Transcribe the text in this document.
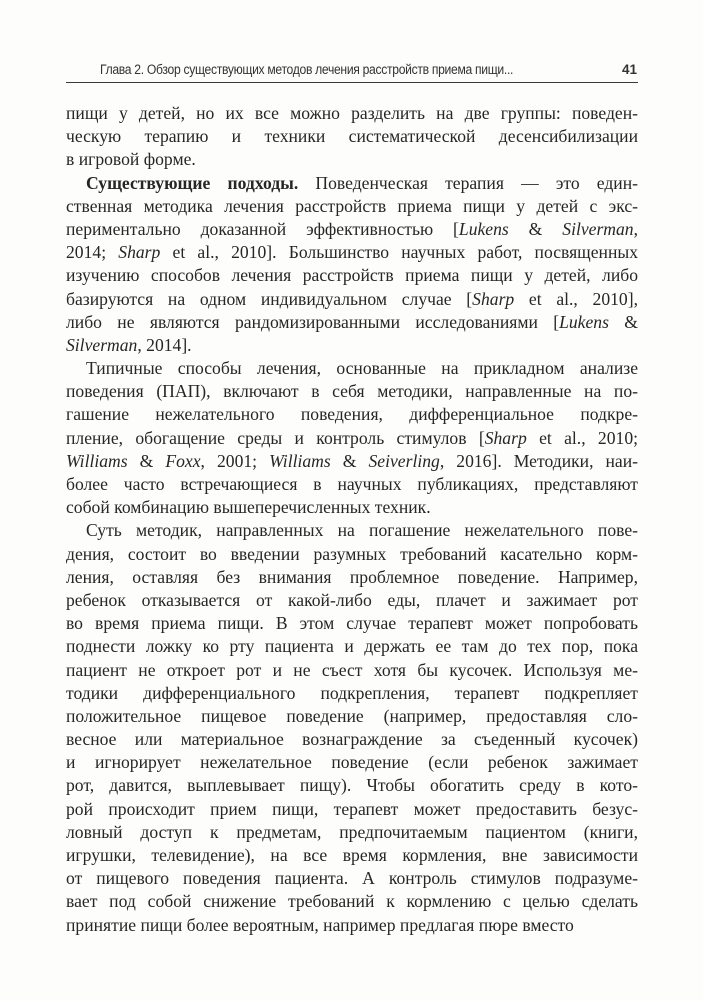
Глава 2. Обзор существующих методов лечения расстройств приема пищи...	41
пищи у детей, но их все можно разделить на две группы: поведен-
ческую терапию и техники систематической десенсибилизации
в игровой форме.
Существующие подходы. Поведенческая терапия — это един-
ственная методика лечения расстройств приема пищи у детей с экс-
периментально доказанной эффективностью [Lukens & Silverman,
2014; Sharp et al., 2010]. Большинство научных работ, посвященных
изучению способов лечения расстройств приема пищи у детей, либо
базируются на одном индивидуальном случае [Sharp et al., 2010],
либо не являются рандомизированными исследованиями [Lukens &
Silverman, 2014].
Типичные способы лечения, основанные на прикладном анализе
поведения (ПАП), включают в себя методики, направленные на по-
гашение нежелательного поведения, дифференциальное подкре-
пление, обогащение среды и контроль стимулов [Sharp et al., 2010;
Williams & Foxx, 2001; Williams & Seiverling, 2016]. Методики, наи-
более часто встречающиеся в научных публикациях, представляют
собой комбинацию вышеперечисленных техник.
Суть методик, направленных на погашение нежелательного пове-
дения, состоит во введении разумных требований касательно корм-
ления, оставляя без внимания проблемное поведение. Например,
ребенок отказывается от какой-либо еды, плачет и зажимает рот
во время приема пищи. В этом случае терапевт может попробовать
поднести ложку ко рту пациента и держать ее там до тех пор, пока
пациент не откроет рот и не съест хотя бы кусочек. Используя ме-
тодики дифференциального подкрепления, терапевт подкрепляет
положительное пищевое поведение (например, предоставляя сло-
весное или материальное вознаграждение за съеденный кусочек)
и игнорирует нежелательное поведение (если ребенок зажимает
рот, давится, выплевывает пищу). Чтобы обогатить среду в кото-
рой происходит прием пищи, терапевт может предоставить безус-
ловный доступ к предметам, предпочитаемым пациентом (книги,
игрушки, телевидение), на все время кормления, вне зависимости
от пищевого поведения пациента. А контроль стимулов подразуме-
вает под собой снижение требований к кормлению с целью сделать
принятие пищи более вероятным, например предлагая пюре вместо
